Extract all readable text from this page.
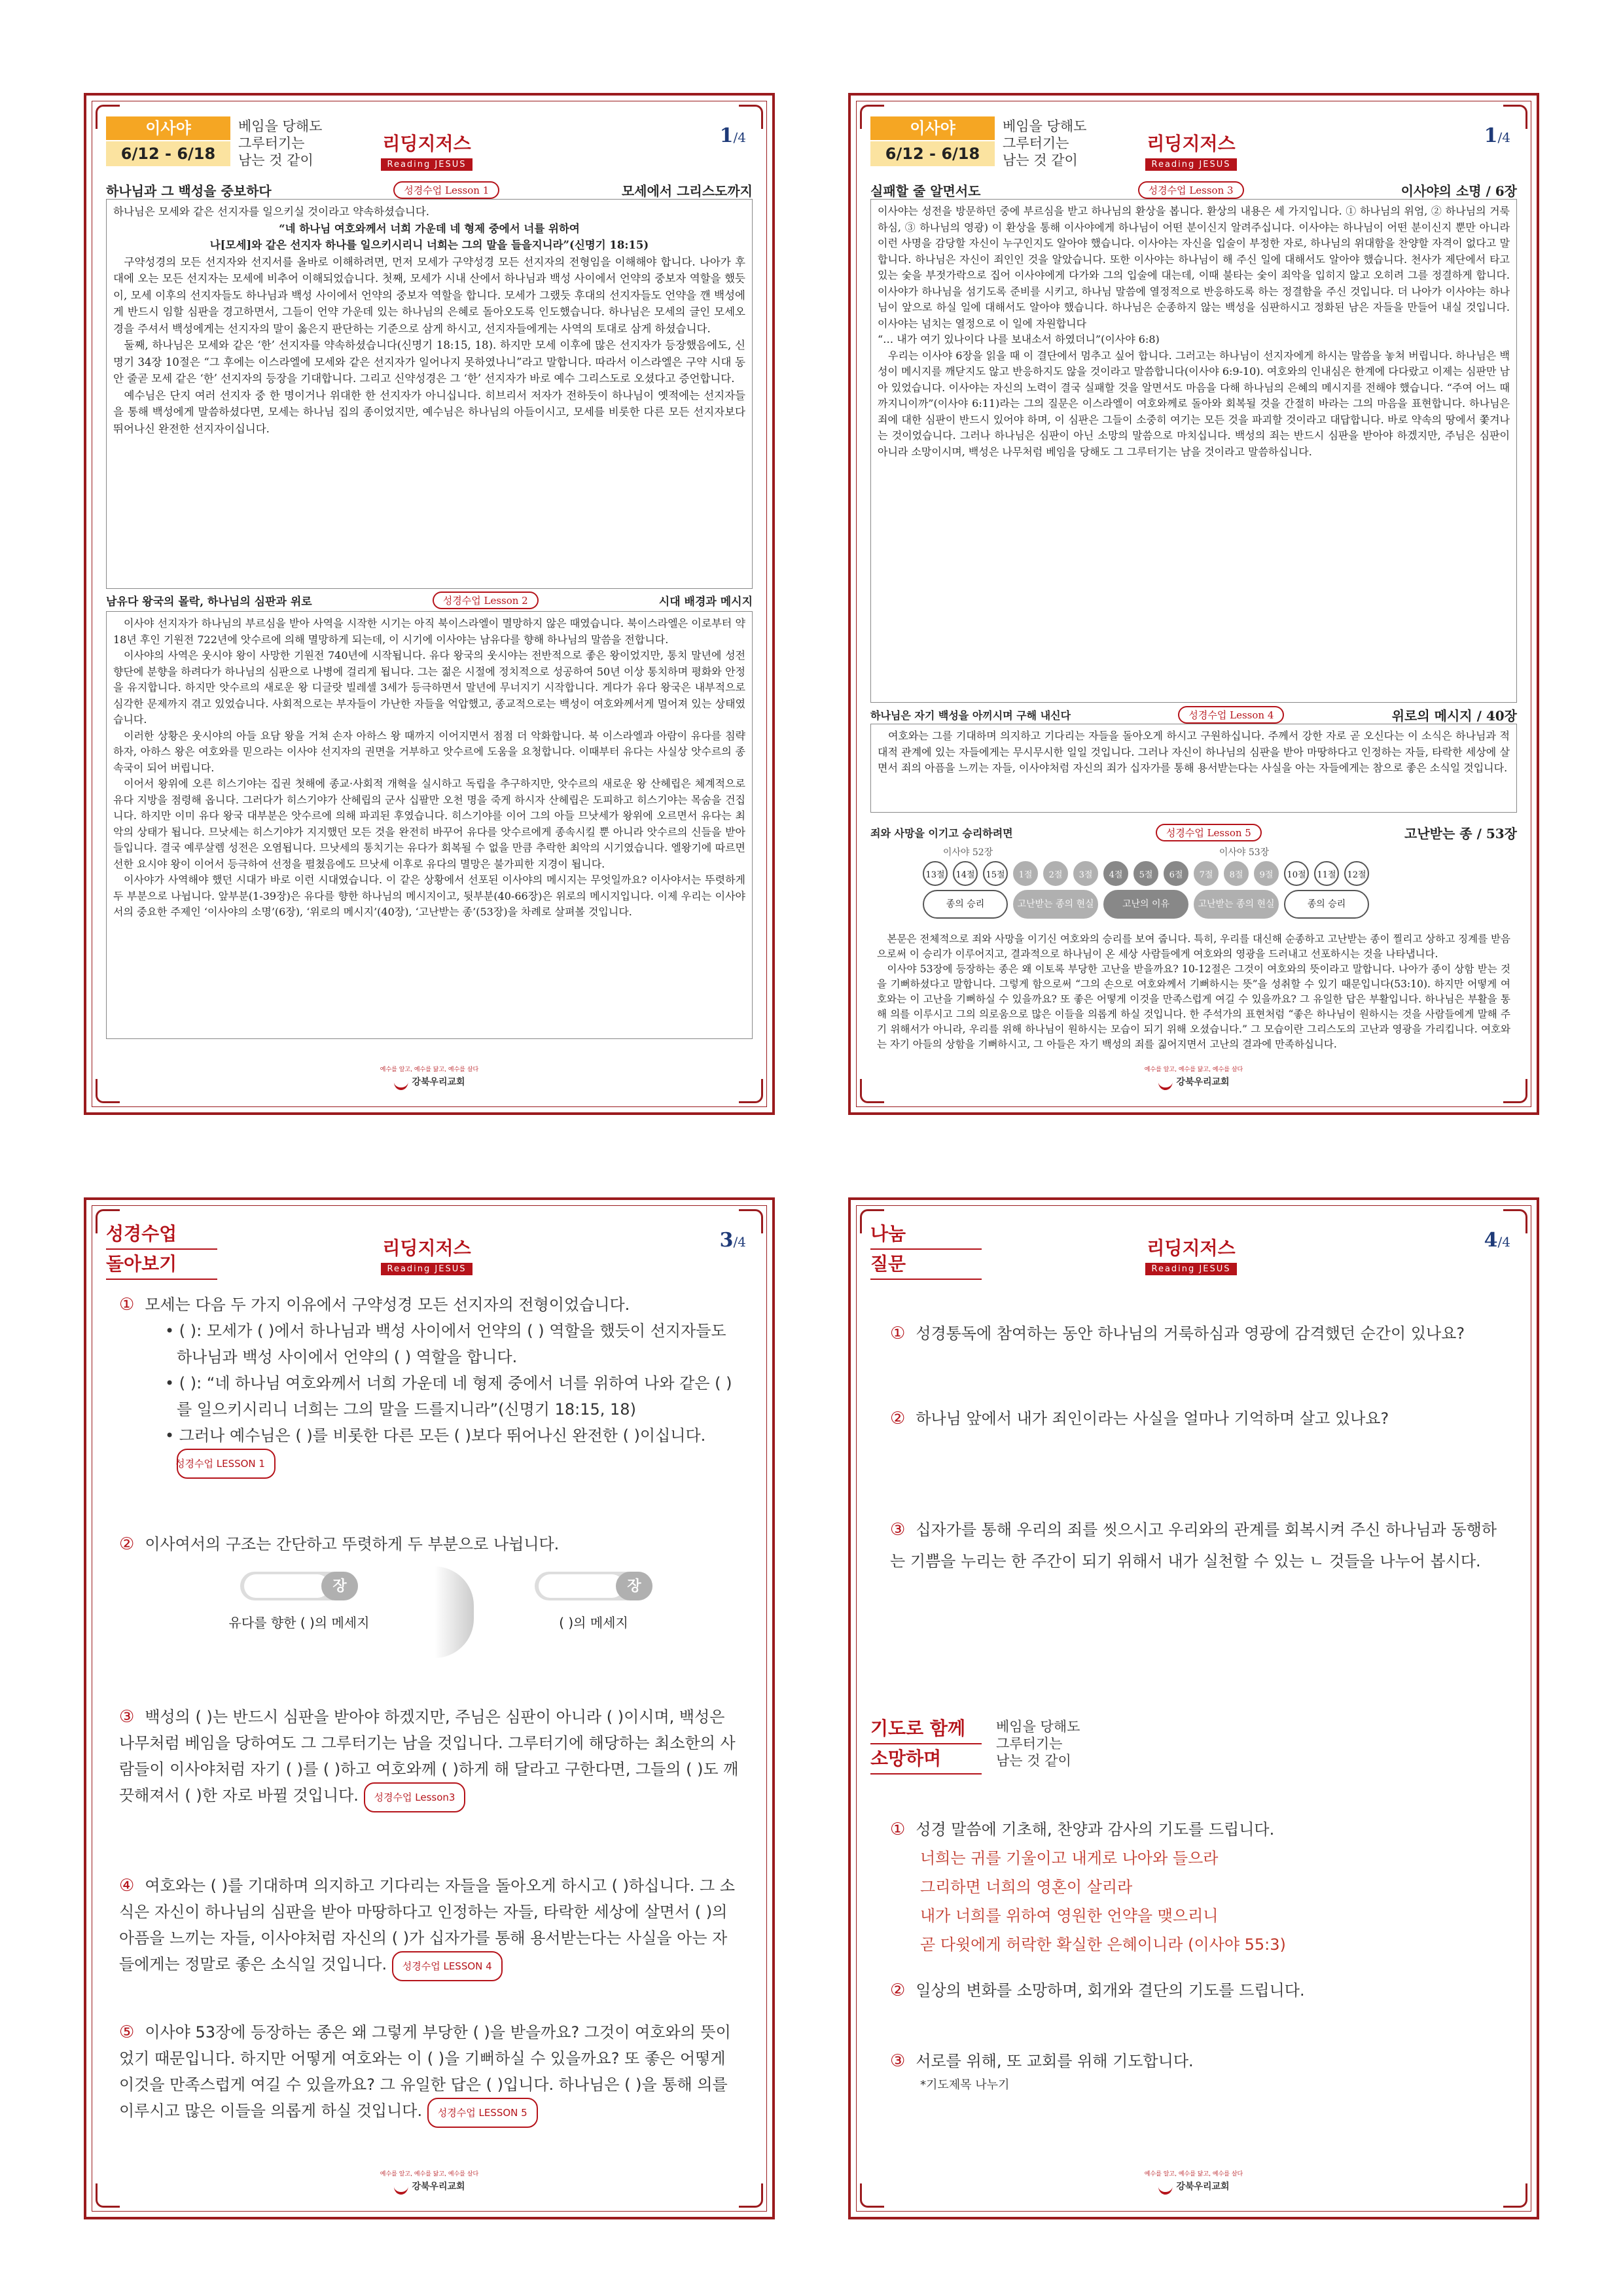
이사야
6/12 - 6/18
베임을 당해도
그루터기는
남는 것 같이
리딩지저스
Reading JESUS
1/4
하나님과 그 백성을 중보하다	성경수업 Lesson 1	모세에서 그리스도까지

하나님은 모세와 같은 선지자를 일으키실 것이라고 약속하셨습니다.

“네 하나님 여호와께서 너희 가운데 네 형제 중에서 너를 위하여

나[모세]와 같은 선지자 하나를 일으키시리니 너희는 그의 말을 들을지니라”(신명기 18:15)

구약성경의 모든 선지자와 선지서를 올바로 이해하려면, 먼저 모세가 구약성경 모든 선지자의 전형임을 이해해야 합니다. 나아가 후대에 오는 모든 선지자는 모세에 비추어 이해되었습니다. 첫째, 모세가 시내 산에서 하나님과 백성 사이에서 언약의 중보자 역할을 했듯이, 모세 이후의 선지자들도 하나님과 백성 사이에서 언약의 중보자 역할을 합니다. 모세가 그랬듯 후대의 선지자들도 언약을 깬 백성에게 반드시 임할 심판을 경고하면서, 그들이 언약 가운데 있는 하나님의 은혜로 돌아오도록 인도했습니다. 하나님은 모세의 글인 모세오경을 주셔서 백성에게는 선지자의 말이 옳은지 판단하는 기준으로 삼게 하시고, 선지자들에게는 사역의 토대로 삼게 하셨습니다.

둘째, 하나님은 모세와 같은 ‘한’ 선지자를 약속하셨습니다(신명기 18:15, 18). 하지만 모세 이후에 많은 선지자가 등장했음에도, 신명기 34장 10절은 “그 후에는 이스라엘에 모세와 같은 선지자가 일어나지 못하였나니”라고 말합니다. 따라서 이스라엘은 구약 시대 동안 줄곧 모세 같은 ‘한’ 선지자의 등장을 기대합니다. 그리고 신약성경은 그 ‘한’ 선지자가 바로 예수 그리스도로 오셨다고 증언합니다.

예수님은 단지 여러 선지자 중 한 명이거나 위대한 한 선지자가 아니십니다. 히브리서 저자가 전하듯이 하나님이 옛적에는 선지자들을 통해 백성에게 말씀하셨다면, 모세는 하나님 집의 종이었지만, 예수님은 하나님의 아들이시고, 모세를 비롯한 다른 모든 선지자보다 뛰어나신 완전한 선지자이십니다.

남유다 왕국의 몰락, 하나님의 심판과 위로	성경수업 Lesson 2	시대 배경과 메시지

이사야 선지자가 하나님의 부르심을 받아 사역을 시작한 시기는 아직 북이스라엘이 멸망하지 않은 때였습니다. 북이스라엘은 이로부터 약 18년 후인 기원전 722년에 앗수르에 의해 멸망하게 되는데, 이 시기에 이사야는 남유다를 향해 하나님의 말씀을 전합니다.

이사야의 사역은 웃시야 왕이 사망한 기원전 740년에 시작됩니다. 유다 왕국의 웃시야는 전반적으로 좋은 왕이었지만, 통치 말년에 성전 향단에 분향을 하려다가 하나님의 심판으로 나병에 걸리게 됩니다. 그는 젊은 시절에 정치적으로 성공하여 50년 이상 통치하며 평화와 안정을 유지합니다. 하지만 앗수르의 새로운 왕 디글랏 빌레셀 3세가 등극하면서 말년에 무너지기 시작합니다. 게다가 유다 왕국은 내부적으로 심각한 문제까지 겪고 있었습니다. 사회적으로는 부자들이 가난한 자들을 억압했고, 종교적으로는 백성이 여호와께서게 멀어져 있는 상태였습니다.

이러한 상황은 웃시야의 아들 요담 왕을 거쳐 손자 아하스 왕 때까지 이어지면서 점점 더 악화합니다. 북 이스라엘과 아람이 유다를 침략하자, 아하스 왕은 여호와를 믿으라는 이사야 선지자의 권면을 거부하고 앗수르에 도움을 요청합니다. 이때부터 유다는 사실상 앗수르의 종속국이 되어 버립니다.

이어서 왕위에 오른 히스기야는 집권 첫해에 종교·사회적 개혁을 실시하고 독립을 추구하지만, 앗수르의 새로운 왕 산헤립은 체계적으로 유다 지방을 점령해 옵니다. 그러다가 히스기야가 산헤립의 군사 십팔만 오천 명을 죽게 하시자 산헤립은 도피하고 히스기야는 목숨을 건집니다. 하지만 이미 유다 왕국 대부분은 앗수르에 의해 파괴된 후였습니다. 히스기야를 이어 그의 아들 므낫세가 왕위에 오르면서 유다는 최악의 상태가 됩니다. 므낫세는 히스기야가 지지했던 모든 것을 완전히 바꾸어 유다를 앗수르에게 종속시킬 뿐 아니라 앗수르의 신들을 받아들입니다. 결국 예루살렘 성전은 오염됩니다. 므낫세의 통치기는 유다가 회복될 수 없을 만큼 추락한 최악의 시기였습니다. 엘왕기에 따르면 선한 요시야 왕이 이어서 등극하여 선정을 펼쳤음에도 므낫세 이후로 유다의 멸망은 불가피한 지경이 됩니다.

이사야가 사역해야 했던 시대가 바로 이런 시대였습니다. 이 같은 상황에서 선포된 이사야의 메시지는 무엇일까요? 이사야서는 뚜렷하게 두 부분으로 나뉩니다. 앞부분(1-39장)은 유다를 향한 하나님의 메시지이고, 뒷부분(40-66장)은 위로의 메시지입니다. 이제 우리는 이사야서의 중요한 주제인 ‘이사야의 소명’(6장), ‘위로의 메시지’(40장), ‘고난받는 종’(53장)을 차례로 살펴볼 것입니다.

예수를 알고, 예수를 닮고, 예수를 살다
강북우리교회
이사야
6/12 - 6/18
베임을 당해도
그루터기는
남는 것 같이
리딩지저스
Reading JESUS
1/4
실패할 줄 알면서도	성경수업 Lesson 3	이사야의 소명 / 6장

이사야는 성전을 방문하던 중에 부르심을 받고 하나님의 환상을 봅니다. 환상의 내용은 세 가지입니다. ① 하나님의 위엄, ② 하나님의 거룩하심, ③ 하나님의 영광) 이 환상을 통해 이사야에게 하나님이 어떤 분이신지 알려주십니다. 이사야는 하나님이 어떤 분이신지 뿐만 아니라 이런 사명을 감당할 자신이 누구인지도 알아야 했습니다. 이사야는 자신을 입술이 부정한 자로, 하나님의 위대함을 찬양할 자격이 없다고 말합니다. 하나님은 자신이 죄인인 것을 알았습니다. 또한 이사야는 하나님이 해 주신 일에 대해서도 알아야 했습니다. 천사가 제단에서 타고 있는 숯을 부젓가락으로 집어 이사야에게 다가와 그의 입술에 대는데, 이때 불타는 숯이 죄악을 입히지 않고 오히려 그를 정결하게 합니다. 이사야가 하나님을 섬기도록 준비를 시키고, 하나님 말씀에 열정적으로 반응하도록 하는 정결함을 주신 것입니다. 더 나아가 이사야는 하나님이 앞으로 하실 일에 대해서도 알아야 했습니다. 하나님은 순종하지 않는 백성을 심판하시고 정화된 남은 자들을 만들어 내실 것입니다. 이사야는 넘치는 열정으로 이 일에 자원합니다

“… 내가 여기 있나이다 나를 보내소서 하였더니”(이사야 6:8)

우리는 이사야 6장을 읽을 때 이 결단에서 멈추고 싶어 합니다. 그러고는 하나님이 선지자에게 하시는 말씀을 놓쳐 버립니다. 하나님은 백성이 메시지를 깨닫지도 않고 반응하지도 않을 것이라고 말씀합니다(이사야 6:9-10). 여호와의 인내심은 한계에 다다랐고 이제는 심판만 남아 있었습니다. 이사야는 자신의 노력이 결국 실패할 것을 알면서도 마음을 다해 하나님의 은혜의 메시지를 전해야 했습니다. “주여 어느 때까지니이까”(이사야 6:11)라는 그의 질문은 이스라엘이 여호와께로 돌아와 회복될 것을 간절히 바라는 그의 마음을 표현합니다. 하나님은 죄에 대한 심판이 반드시 있어야 하며, 이 심판은 그들이 소중히 여기는 모든 것을 파괴할 것이라고 대답합니다. 바로 약속의 땅에서 쫓겨나는 것이었습니다. 그러나 하나님은 심판이 아닌 소망의 말씀으로 마치십니다. 백성의 죄는 반드시 심판을 받아야 하겠지만, 주님은 심판이 아니라 소망이시며, 백성은 나무처럼 베임을 당해도 그 그루터기는 남을 것이라고 말씀하십니다.

하나님은 자기 백성을 아끼시며 구해 내신다	성경수업 Lesson 4	위로의 메시지 / 40장

여호와는 그를 기대하며 의지하고 기다리는 자들을 돌아오게 하시고 구원하십니다. 주께서 강한 자로 곧 오신다는 이 소식은 하나님과 적대적 관계에 있는 자들에게는 무시무시한 일일 것입니다. 그러나 자신이 하나님의 심판을 받아 마땅하다고 인정하는 자들, 타락한 세상에 살면서 죄의 아픔을 느끼는 자들, 이사야처럼 자신의 죄가 십자가를 통해 용서받는다는 사실을 아는 자들에게는 참으로 좋은 소식일 것입니다.

죄와 사망을 이기고 승리하려면	성경수업 Lesson 5	고난받는 종 / 53장
이사야 52장	이사야 53장
13절	14절	15절	1절	2절	3절	4절	5절	6절	7절	8절	9절	10절	11절	12절
종의 승리	고난받는 종의 현실	고난의 이유	고난받는 종의 현실	종의 승리

본문은 전체적으로 죄와 사망을 이기신 여호와의 승리를 보여 줍니다. 특히, 우리를 대신해 순종하고 고난받는 종이 찔리고 상하고 징계를 받음으로써 이 승리가 이루어지고, 결과적으로 하나님이 온 세상 사람들에게 여호와의 영광을 드러내고 선포하시는 것을 나타냅니다.

이사야 53장에 등장하는 종은 왜 이토록 부당한 고난을 받을까요? 10-12절은 그것이 여호와의 뜻이라고 말합니다. 나아가 종이 상함 받는 것을 기뻐하셨다고 말합니다. 그렇게 함으로써 “그의 손으로 여호와께서 기뻐하시는 뜻”을 성취할 수 있기 때문입니다(53:10). 하지만 어떻게 여호와는 이 고난을 기뻐하실 수 있을까요? 또 좋은 어떻게 이것을 만족스럽게 여길 수 있을까요? 그 유일한 답은 부활입니다. 하나님은 부활을 통해 의를 이루시고 그의 의로움으로 많은 이들을 의롭게 하실 것입니다. 한 주석가의 표현처럼 “좋은 하나님이 원하시는 것을 사람들에게 말해 주기 위해서가 아니라, 우리를 위해 하나님이 원하시는 모습이 되기 위해 오셨습니다.” 그 모습이란 그리스도의 고난과 영광을 가리킵니다. 여호와는 자기 아들의 상함을 기뻐하시고, 그 아들은 자기 백성의 죄를 짊어지면서 고난의 결과에 만족하십니다.

예수를 알고, 예수를 닮고, 예수를 살다
강북우리교회
성경수업
돌아보기
리딩지저스
Reading JESUS
3/4
① 모세는 다음 두 가지 이유에서 구약성경 모든 선지자의 전형이었습니다.
• ( ): 모세가 ( )에서 하나님과 백성 사이에서 언약의 ( ) 역할을 했듯이 선지자들도 하나님과 백성 사이에서 언약의 ( ) 역할을 합니다.
• ( ): “네 하나님 여호와께서 너희 가운데 네 형제 중에서 너를 위하여 나와 같은 ( )를 일으키시리니 너희는 그의 말을 드를지니라”(신명기 18:15, 18)
• 그러나 예수님은 ( )를 비롯한 다른 모든 ( )보다 뛰어나신 완전한 ( )이십니다. 성경수업 LESSON 1
② 이사여서의 구조는 간단하고 뚜렷하게 두 부분으로 나뉩니다.
장
유다를 향한 ( )의 메세지
장
( )의 메세지
③ 백성의 ( )는 반드시 심판을 받아야 하겠지만, 주님은 심판이 아니라 ( )이시며, 백성은 나무처럼 베임을 당하여도 그 그루터기는 남을 것입니다. 그루터기에 해당하는 최소한의 사람들이 이사야처럼 자기 ( )를 ( )하고 여호와께 ( )하게 해 달라고 구한다면, 그들의 ( )도 깨끗해져서 ( )한 자로 바뀔 것입니다. 성경수업 Lesson3
④ 여호와는 ( )를 기대하며 의지하고 기다리는 자들을 돌아오게 하시고 ( )하십니다. 그 소식은 자신이 하나님의 심판을 받아 마땅하다고 인정하는 자들, 타락한 세상에 살면서 ( )의 아픔을 느끼는 자들, 이사야처럼 자신의 ( )가 십자가를 통해 용서받는다는 사실을 아는 자들에게는 정말로 좋은 소식일 것입니다. 성경수업 LESSON 4
⑤ 이사야 53장에 등장하는 종은 왜 그렇게 부당한 ( )을 받을까요? 그것이 여호와의 뜻이었기 때문입니다. 하지만 어떻게 여호와는 이 ( )을 기뻐하실 수 있을까요? 또 좋은 어떻게 이것을 만족스럽게 여길 수 있을까요? 그 유일한 답은 ( )입니다. 하나님은 ( )을 통해 의를 이루시고 많은 이들을 의롭게 하실 것입니다. 성경수업 LESSON 5
예수를 알고, 예수를 닮고, 예수를 살다
강북우리교회
나눔
질문
리딩지저스
Reading JESUS
4/4
① 성경통독에 참여하는 동안 하나님의 거룩하심과 영광에 감격했던 순간이 있나요?
② 하나님 앞에서 내가 죄인이라는 사실을 얼마나 기억하며 살고 있나요?
③ 십자가를 통해 우리의 죄를 씻으시고 우리와의 관계를 회복시켜 주신 하나님과 동행하는 기쁨을 누리는 한 주간이 되기 위해서 내가 실천할 수 있는 ㄴ 것들을 나누어 봅시다.
기도로 함께
소망하며
베임을 당해도
그루터기는
남는 것 같이
① 성경 말씀에 기초해, 찬양과 감사의 기도를 드립니다.
너희는 귀를 기울이고 내게로 나아와 들으라
그리하면 너희의 영혼이 살리라
내가 너희를 위하여 영원한 언약을 맺으리니
곧 다윗에게 허락한 확실한 은혜이니라 (이사야 55:3)
② 일상의 변화를 소망하며, 회개와 결단의 기도를 드립니다.
③ 서로를 위해, 또 교회를 위해 기도합니다.
*기도제목 나누기
예수를 알고, 예수를 닮고, 예수를 살다
강북우리교회
